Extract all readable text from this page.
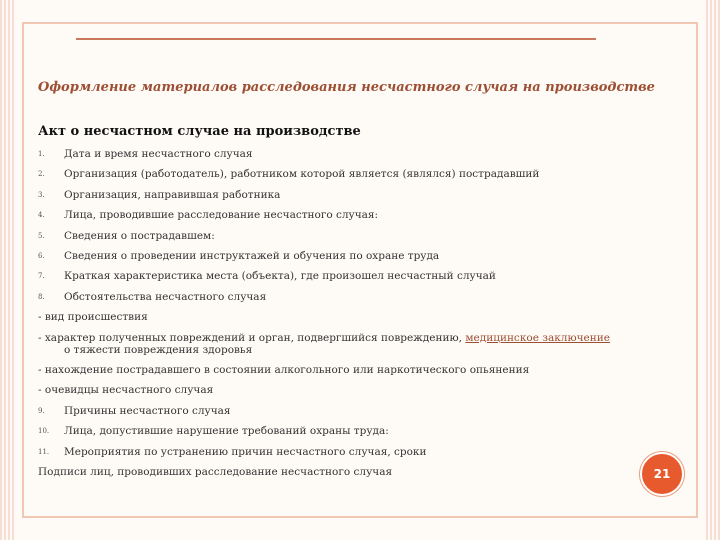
Оформление материалов расследования несчастного случая на производстве
Акт о несчастном случае на производстве
1.	Дата и время несчастного случая
2.	Организация (работодатель), работником которой является (являлся) пострадавший
3.	Организация, направившая работника
4.	Лица, проводившие расследование несчастного случая:
5.	Сведения о пострадавшем:
6.	Сведения о проведении инструктажей и обучения по охране труда
7.	Краткая характеристика места (объекта), где произошел несчастный случай
8.	Обстоятельства несчастного случая
- вид происшествия
- характер полученных повреждений и орган, подвергшийся повреждению, медицинское заключение
о тяжести повреждения здоровья
- нахождение пострадавшего в состоянии алкогольного или наркотического опьянения
- очевидцы несчастного случая
9.	Причины несчастного случая
10.	Лица, допустившие нарушение требований охраны труда:
11.	Мероприятия по устранению причин несчастного случая, сроки
Подписи лиц, проводивших расследование несчастного случая	21
